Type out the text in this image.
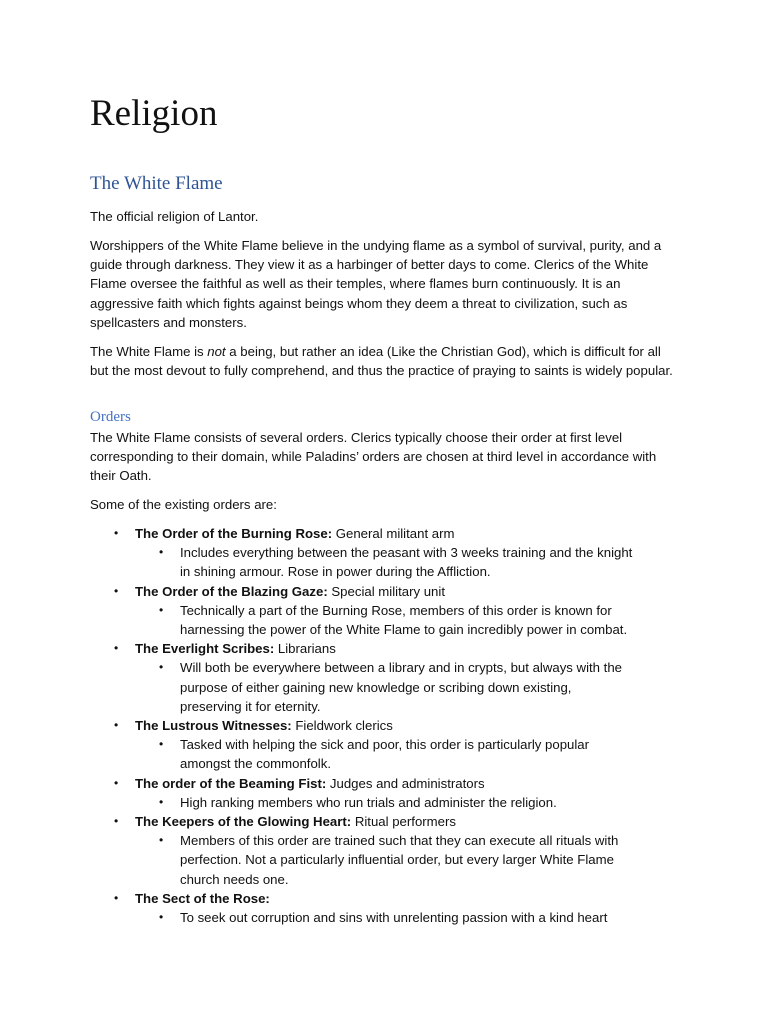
Religion
The White Flame
The official religion of Lantor.
Worshippers of the White Flame believe in the undying flame as a symbol of survival, purity, and a guide through darkness. They view it as a harbinger of better days to come. Clerics of the White Flame oversee the faithful as well as their temples, where flames burn continuously. It is an aggressive faith which fights against beings whom they deem a threat to civilization, such as spellcasters and monsters.
The White Flame is not a being, but rather an idea (Like the Christian God), which is difficult for all but the most devout to fully comprehend, and thus the practice of praying to saints is widely popular.
Orders
The White Flame consists of several orders. Clerics typically choose their order at first level corresponding to their domain, while Paladins’ orders are chosen at third level in accordance with their Oath.
Some of the existing orders are:
• The Order of the Burning Rose: General militant arm
• Includes everything between the peasant with 3 weeks training and the knight in shining armour. Rose in power during the Affliction.
• The Order of the Blazing Gaze: Special military unit
• Technically a part of the Burning Rose, members of this order is known for harnessing the power of the White Flame to gain incredibly power in combat.
• The Everlight Scribes: Librarians
• Will both be everywhere between a library and in crypts, but always with the purpose of either gaining new knowledge or scribing down existing, preserving it for eternity.
• The Lustrous Witnesses: Fieldwork clerics
• Tasked with helping the sick and poor, this order is particularly popular amongst the commonfolk.
• The order of the Beaming Fist: Judges and administrators
• High ranking members who run trials and administer the religion.
• The Keepers of the Glowing Heart: Ritual performers
• Members of this order are trained such that they can execute all rituals with perfection. Not a particularly influential order, but every larger White Flame church needs one.
• The Sect of the Rose:
• To seek out corruption and sins with unrelenting passion with a kind heart
